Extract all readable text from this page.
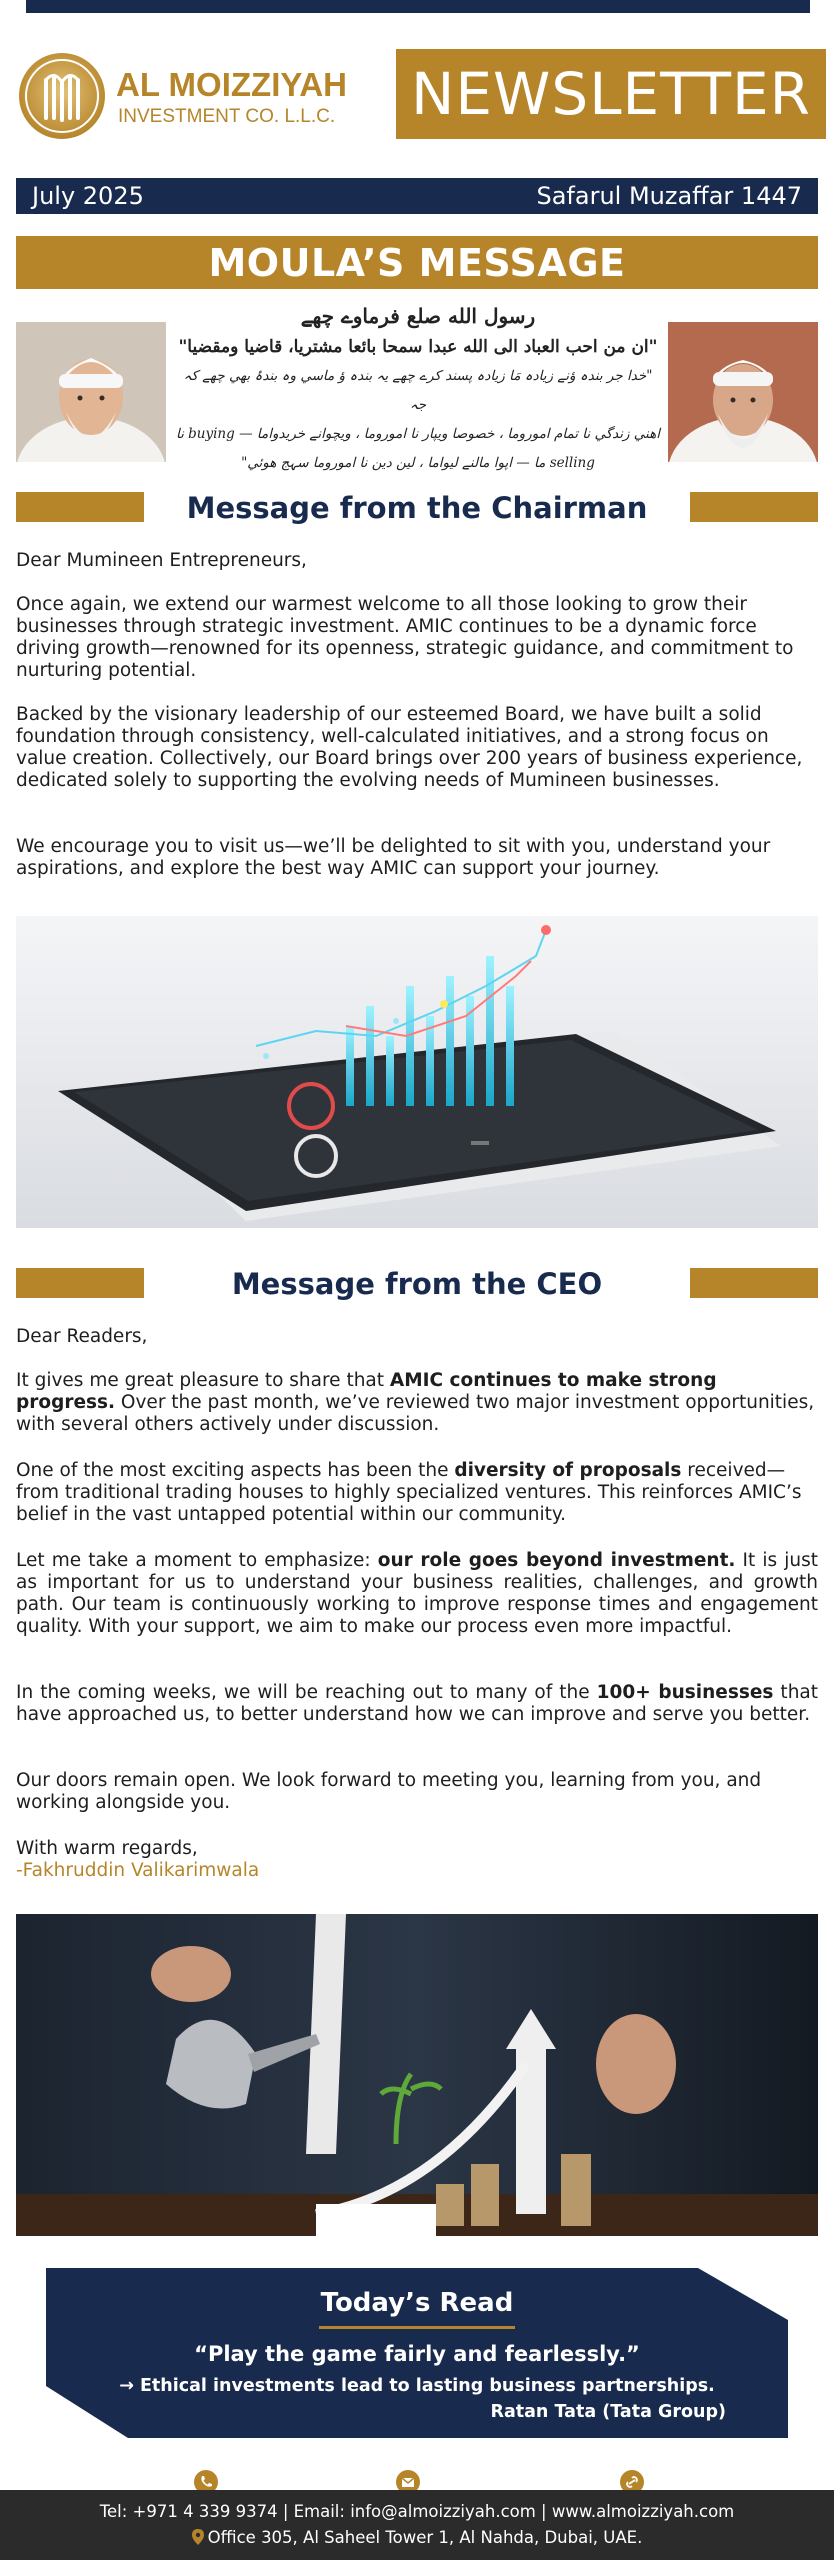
AL MOIZZIYAH
INVESTMENT CO. L.L.C. NEWSLETTER
July 2025	Safarul Muzaffar 1447
MOULA’S MESSAGE
رسول الله صلع فرماوے چھے
"ان من احب العباد الى الله عبدا سمحا بائعا مشتريا، قاضيا ومقضيا"
"خدا جر بندہ ؤنے زیادہ مَا زیادہ پسند کرے چھے یہ بندہ ؤ ماسي وہ بندۂ بھي چھے کہ جہ
اهني زندگي نا تمام اموروما ، خصوصا ويپار نا اموروما ، ويچوانے خريدواما — buying نا
selling ما — اپوا مالنے ليواما ، لين دين نا اموروما سہج ھوئي"
Message from the Chairman
Dear Mumineen Entrepreneurs,
Once again, we extend our warmest welcome to all those looking to grow their businesses through strategic investment. AMIC continues to be a dynamic force driving growth—renowned for its openness, strategic guidance, and commitment to nurturing potential.
Backed by the visionary leadership of our esteemed Board, we have built a solid foundation through consistency, well-calculated initiatives, and a strong focus on value creation. Collectively, our Board brings over 200 years of business experience, dedicated solely to supporting the evolving needs of Mumineen businesses.
We encourage you to visit us—we’ll be delighted to sit with you, understand your aspirations, and explore the best way AMIC can support your journey.
Message from the CEO
Dear Readers,
It gives me great pleasure to share that AMIC continues to make strong progress. Over the past month, we’ve reviewed two major investment opportunities, with several others actively under discussion.
One of the most exciting aspects has been the diversity of proposals received—from traditional trading houses to highly specialized ventures. This reinforces AMIC’s belief in the vast untapped potential within our community.
Let me take a moment to emphasize: our role goes beyond investment. It is just as important for us to understand your business realities, challenges, and growth path. Our team is continuously working to improve response times and engagement quality. With your support, we aim to make our process even more impactful.
In the coming weeks, we will be reaching out to many of the 100+ businesses that have approached us, to better understand how we can improve and serve you better.
Our doors remain open. We look forward to meeting you, learning from you, and working alongside you.
With warm regards,
-Fakhruddin Valikarimwala
Today’s Read
“Play the game fairly and fearlessly.”
→ Ethical investments lead to lasting business partnerships.
Ratan Tata (Tata Group)
Tel: +971 4 339 9374 | Email: info@almoizziyah.com | www.almoizziyah.com
Office 305, Al Saheel Tower 1, Al Nahda, Dubai, UAE.
